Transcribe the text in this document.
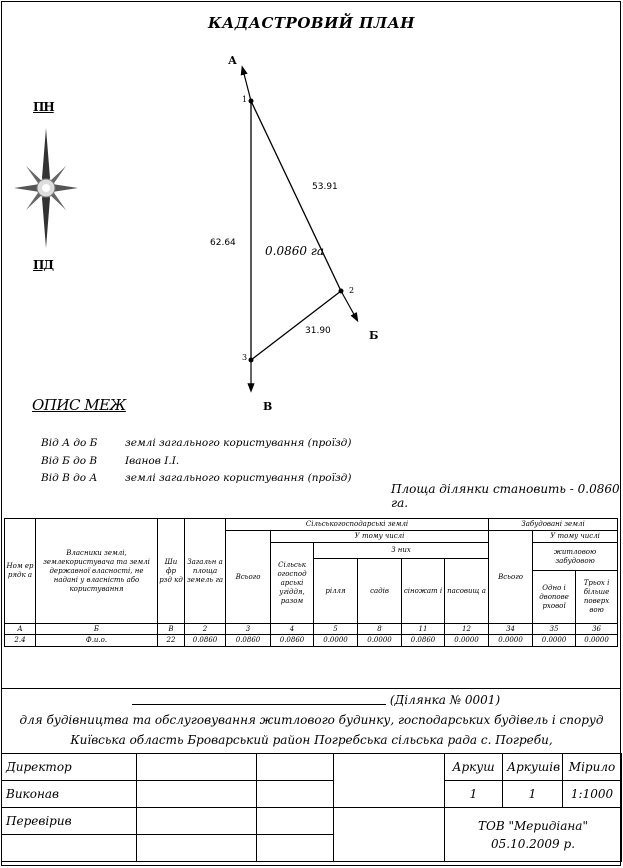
КАДАСТРОВИЙ ПЛАН
ПН
ПД
А
Б
В
1
2
3
53.91
62.64
31.90
0.0860 га
ОПИС МЕЖ
Від А до Б	землі загального користування (проїзд)
Від Б до В	Іванов І.І.
Від В до А	землі загального користування (проїзд)
Площа ділянки становить - 0.0860 га.
Ном ер рядк а	Власники землі, землекористувача та землі державної власності, не надані у власність або користування	Ши фр рзд кд	Загальн а площа земель га	Сільськогосподарські землі						Забудовані землі		
				Всього	У тому числі					Всього	У тому числі	
					Сільськ огоспод арські угіддя, разом	З них					житловою забудовою	
						рілля	садів	сіножат і	пасовищ а			
											Одно і двопове рхової	Трьох і більше поверх вою
А	Б	В	2	3	4	5	8	11	12	34	35	36
2.4	Ф.и.о.	22	0.0860	0.0860	0.0860	0.0000	0.0000	0.0860	0.0000	0.0000	0.0000	0.0000
(Ділянка № 0001)
для будівництва та обслуговування житлового будинку, господарських будівель і споруд
Київська область Броварський район Погребська сільська рада с. Погреби,
Директор				Аркуш	Аркушів	Мірило
Виконав				1	1	1:1000
Перевірив				ТОВ "Меридіана"
05.10.2009 р.		
